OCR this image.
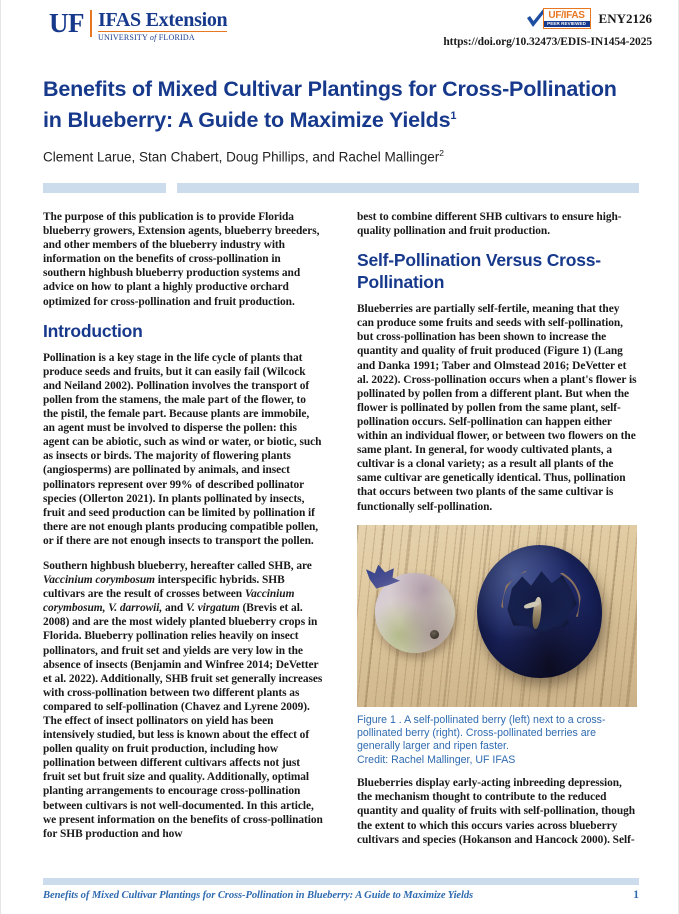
UF IFAS Extension
UNIVERSITY of FLORIDA
UF/IFAS
PEER REVIEWED ENY2126
https://doi.org/10.32473/EDIS-IN1454-2025
Benefits of Mixed Cultivar Plantings for Cross-Pollination
in Blueberry: A Guide to Maximize Yields$^1$
Clement Larue, Stan Chabert, Doug Phillips, and Rachel Mallinger$^2$

The purpose of this publication is to provide Florida blueberry growers, Extension agents, blueberry breeders, and other members of the blueberry industry with information on the benefits of cross-pollination in southern highbush blueberry production systems and advice on how to plant a highly productive orchard optimized for cross-pollination and fruit production.

Introduction

Pollination is a key stage in the life cycle of plants that produce seeds and fruits, but it can easily fail (Wilcock and Neiland 2002). Pollination involves the transport of pollen from the stamens, the male part of the flower, to the pistil, the female part. Because plants are immobile, an agent must be involved to disperse the pollen: this agent can be abiotic, such as wind or water, or biotic, such as insects or birds. The majority of flowering plants (angiosperms) are pollinated by animals, and insect pollinators represent over 99% of described pollinator species (Ollerton 2021). In plants pollinated by insects, fruit and seed production can be limited by pollination if there are not enough plants producing compatible pollen, or if there are not enough insects to transport the pollen.

Southern highbush blueberry, hereafter called SHB, are Vaccinium corymbosum interspecific hybrids. SHB cultivars are the result of crosses between Vaccinium corymbosum, V. darrowii, and V. virgatum (Brevis et al. 2008) and are the most widely planted blueberry crops in Florida. Blueberry pollination relies heavily on insect pollinators, and fruit set and yields are very low in the absence of insects (Benjamin and Winfree 2014; DeVetter et al. 2022). Additionally, SHB fruit set generally increases with cross-pollination between two different plants as compared to self-pollination (Chavez and Lyrene 2009). The effect of insect pollinators on yield has been intensively studied, but less is known about the effect of pollen quality on fruit production, including how pollination between different cultivars affects not just fruit set but fruit size and quality. Additionally, optimal planting arrangements to encourage cross-pollination between cultivars is not well-documented. In this article, we present information on the benefits of cross-pollination for SHB production and how

best to combine different SHB cultivars to ensure high-quality pollination and fruit production.

Self-Pollination Versus Cross-Pollination

Blueberries are partially self-fertile, meaning that they can produce some fruits and seeds with self-pollination, but cross-pollination has been shown to increase the quantity and quality of fruit produced (Figure 1) (Lang and Danka 1991; Taber and Olmstead 2016; DeVetter et al. 2022). Cross-pollination occurs when a plant's flower is pollinated by pollen from a different plant. But when the flower is pollinated by pollen from the same plant, self-pollination occurs. Self-pollination can happen either within an individual flower, or between two flowers on the same plant. In general, for woody cultivated plants, a cultivar is a clonal variety; as a result all plants of the same cultivar are genetically identical. Thus, pollination that occurs between two plants of the same cultivar is functionally self-pollination.

Figure 1 . A self-pollinated berry (left) next to a cross-pollinated berry (right). Cross-pollinated berries are generally larger and ripen faster.
Credit: Rachel Mallinger, UF IFAS

Blueberries display early-acting inbreeding depression, the mechanism thought to contribute to the reduced quantity and quality of fruits with self-pollination, though the extent to which this occurs varies across blueberry cultivars and species (Hokanson and Hancock 2000). Self-

Benefits of Mixed Cultivar Plantings for Cross-Pollination in Blueberry: A Guide to Maximize Yields	1
